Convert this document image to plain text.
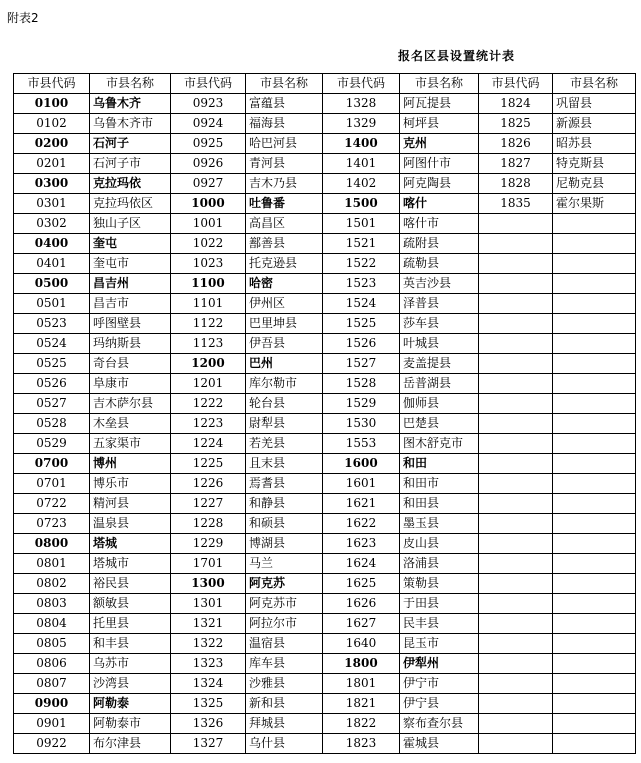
附表2
报名区县设置统计表
市县代码	市县名称	市县代码	市县名称	市县代码	市县名称	市县代码	市县名称
0100	乌鲁木齐	0923	富蕴县	1328	阿瓦提县	1824	巩留县
0102	乌鲁木齐市	0924	福海县	1329	柯坪县	1825	新源县
0200	石河子	0925	哈巴河县	1400	克州	1826	昭苏县
0201	石河子市	0926	青河县	1401	阿图什市	1827	特克斯县
0300	克拉玛依	0927	吉木乃县	1402	阿克陶县	1828	尼勒克县
0301	克拉玛依区	1000	吐鲁番	1500	喀什	1835	霍尔果斯
0302	独山子区	1001	高昌区	1501	喀什市		
0400	奎屯	1022	鄯善县	1521	疏附县		
0401	奎屯市	1023	托克逊县	1522	疏勒县		
0500	昌吉州	1100	哈密	1523	英吉沙县		
0501	昌吉市	1101	伊州区	1524	泽普县		
0523	呼图壁县	1122	巴里坤县	1525	莎车县		
0524	玛纳斯县	1123	伊吾县	1526	叶城县		
0525	奇台县	1200	巴州	1527	麦盖提县		
0526	阜康市	1201	库尔勒市	1528	岳普湖县		
0527	吉木萨尔县	1222	轮台县	1529	伽师县		
0528	木垒县	1223	尉犁县	1530	巴楚县		
0529	五家渠市	1224	若羌县	1553	图木舒克市		
0700	博州	1225	且末县	1600	和田		
0701	博乐市	1226	焉耆县	1601	和田市		
0722	精河县	1227	和静县	1621	和田县		
0723	温泉县	1228	和硕县	1622	墨玉县		
0800	塔城	1229	博湖县	1623	皮山县		
0801	塔城市	1701	马兰	1624	洛浦县		
0802	裕民县	1300	阿克苏	1625	策勒县		
0803	额敏县	1301	阿克苏市	1626	于田县		
0804	托里县	1321	阿拉尔市	1627	民丰县		
0805	和丰县	1322	温宿县	1640	昆玉市		
0806	乌苏市	1323	库车县	1800	伊犁州		
0807	沙湾县	1324	沙雅县	1801	伊宁市		
0900	阿勒泰	1325	新和县	1821	伊宁县		
0901	阿勒泰市	1326	拜城县	1822	察布查尔县		
0922	布尔津县	1327	乌什县	1823	霍城县		
